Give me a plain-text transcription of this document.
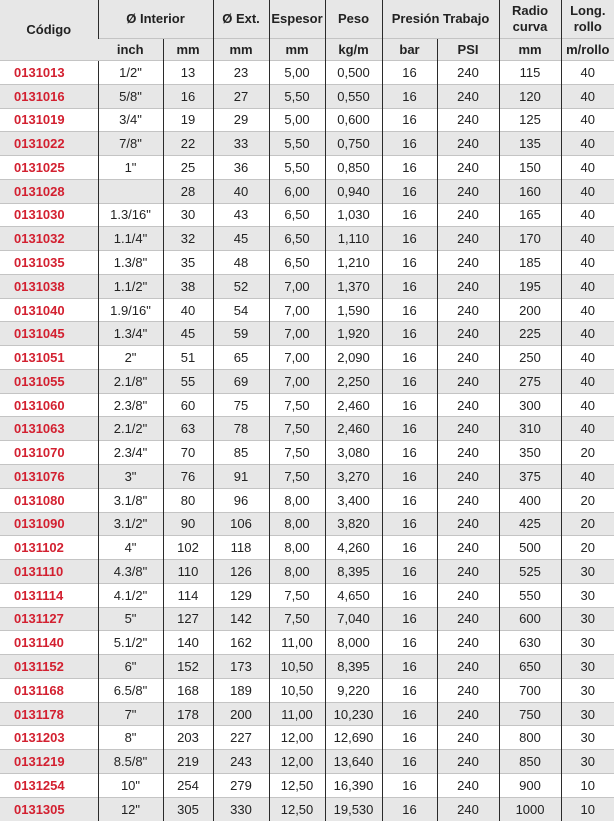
Código	Ø Interior		Ø Ext.	Espesor	Peso	Presión Trabajo		Radio curva	Long. rollo
	inch	mm	mm	mm	kg/m	bar	PSI	mm	m/rollo
0131013	1/2"	13	23	5,00	0,500	16	240	115	40
0131016	5/8"	16	27	5,50	0,550	16	240	120	40
0131019	3/4"	19	29	5,00	0,600	16	240	125	40
0131022	7/8"	22	33	5,50	0,750	16	240	135	40
0131025	1"	25	36	5,50	0,850	16	240	150	40
0131028		28	40	6,00	0,940	16	240	160	40
0131030	1.3/16"	30	43	6,50	1,030	16	240	165	40
0131032	1.1/4"	32	45	6,50	1,110	16	240	170	40
0131035	1.3/8"	35	48	6,50	1,210	16	240	185	40
0131038	1.1/2"	38	52	7,00	1,370	16	240	195	40
0131040	1.9/16"	40	54	7,00	1,590	16	240	200	40
0131045	1.3/4"	45	59	7,00	1,920	16	240	225	40
0131051	2"	51	65	7,00	2,090	16	240	250	40
0131055	2.1/8"	55	69	7,00	2,250	16	240	275	40
0131060	2.3/8"	60	75	7,50	2,460	16	240	300	40
0131063	2.1/2"	63	78	7,50	2,460	16	240	310	40
0131070	2.3/4"	70	85	7,50	3,080	16	240	350	20
0131076	3"	76	91	7,50	3,270	16	240	375	40
0131080	3.1/8"	80	96	8,00	3,400	16	240	400	20
0131090	3.1/2"	90	106	8,00	3,820	16	240	425	20
0131102	4"	102	118	8,00	4,260	16	240	500	20
0131110	4.3/8"	110	126	8,00	8,395	16	240	525	30
0131114	4.1/2"	114	129	7,50	4,650	16	240	550	30
0131127	5"	127	142	7,50	7,040	16	240	600	30
0131140	5.1/2"	140	162	11,00	8,000	16	240	630	30
0131152	6"	152	173	10,50	8,395	16	240	650	30
0131168	6.5/8"	168	189	10,50	9,220	16	240	700	30
0131178	7"	178	200	11,00	10,230	16	240	750	30
0131203	8"	203	227	12,00	12,690	16	240	800	30
0131219	8.5/8"	219	243	12,00	13,640	16	240	850	30
0131254	10"	254	279	12,50	16,390	16	240	900	10
0131305	12"	305	330	12,50	19,530	16	240	1000	10
